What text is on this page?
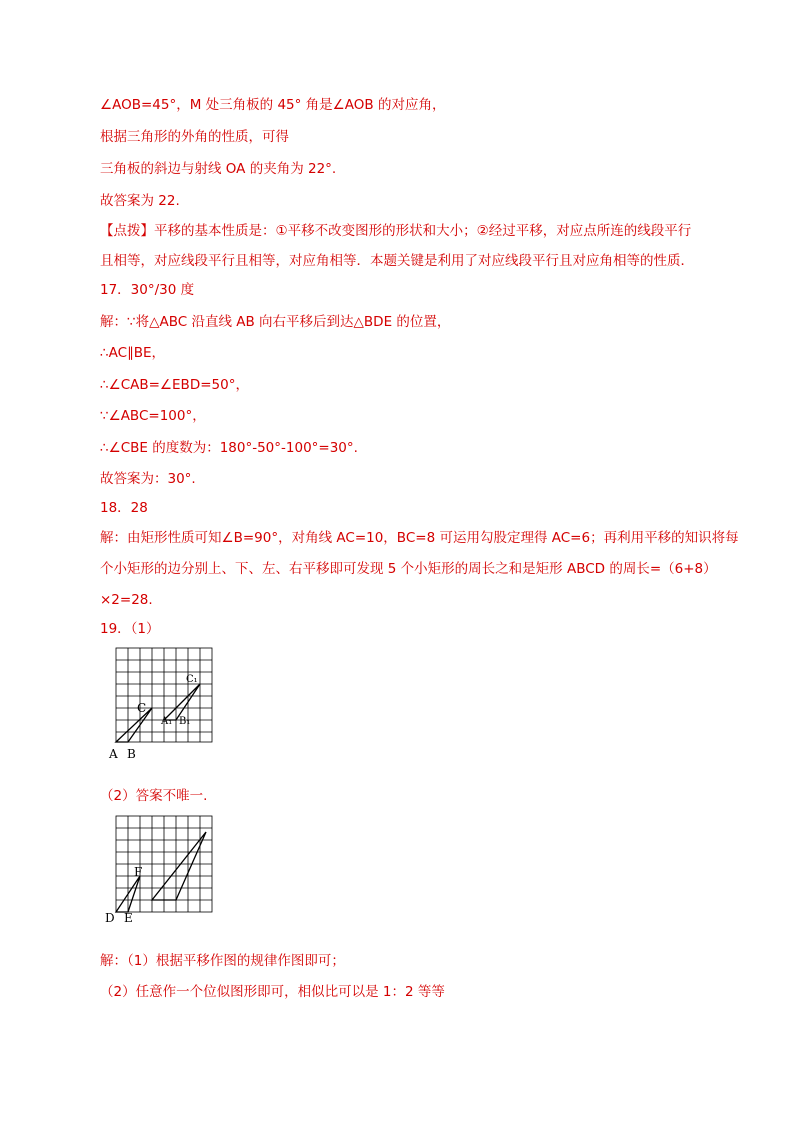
∠AOB=45°，M 处三角板的 45° 角是∠AOB 的对应角，
根据三角形的外角的性质，可得
三角板的斜边与射线 OA 的夹角为 22°.
故答案为 22.
【点拨】平移的基本性质是：①平移不改变图形的形状和大小；②经过平移，对应点所连的线段平行
且相等，对应线段平行且相等，对应角相等．本题关键是利用了对应线段平行且对应角相等的性质．
17．30°/30 度
解：∵将△ABC 沿直线 AB 向右平移后到达△BDE 的位置，
∴AC∥BE，
∴∠CAB=∠EBD=50°，
∵∠ABC=100°，
∴∠CBE 的度数为：180°-50°-100°=30°.
故答案为：30°.
18．28
解：由矩形性质可知∠B=90°，对角线 AC=10，BC=8 可运用勾股定理得 AC=6；再利用平移的知识将每
个小矩形的边分别上、下、左、右平移即可发现 5 个小矩形的周长之和是矩形 ABCD 的周长=（6+8）
×2=28.
19．（1）
A B
C
A₁ B₁
C₁
（2）答案不唯一.
D E
F
解：（1）根据平移作图的规律作图即可；
（2）任意作一个位似图形即可，相似比可以是 1：2 等等
